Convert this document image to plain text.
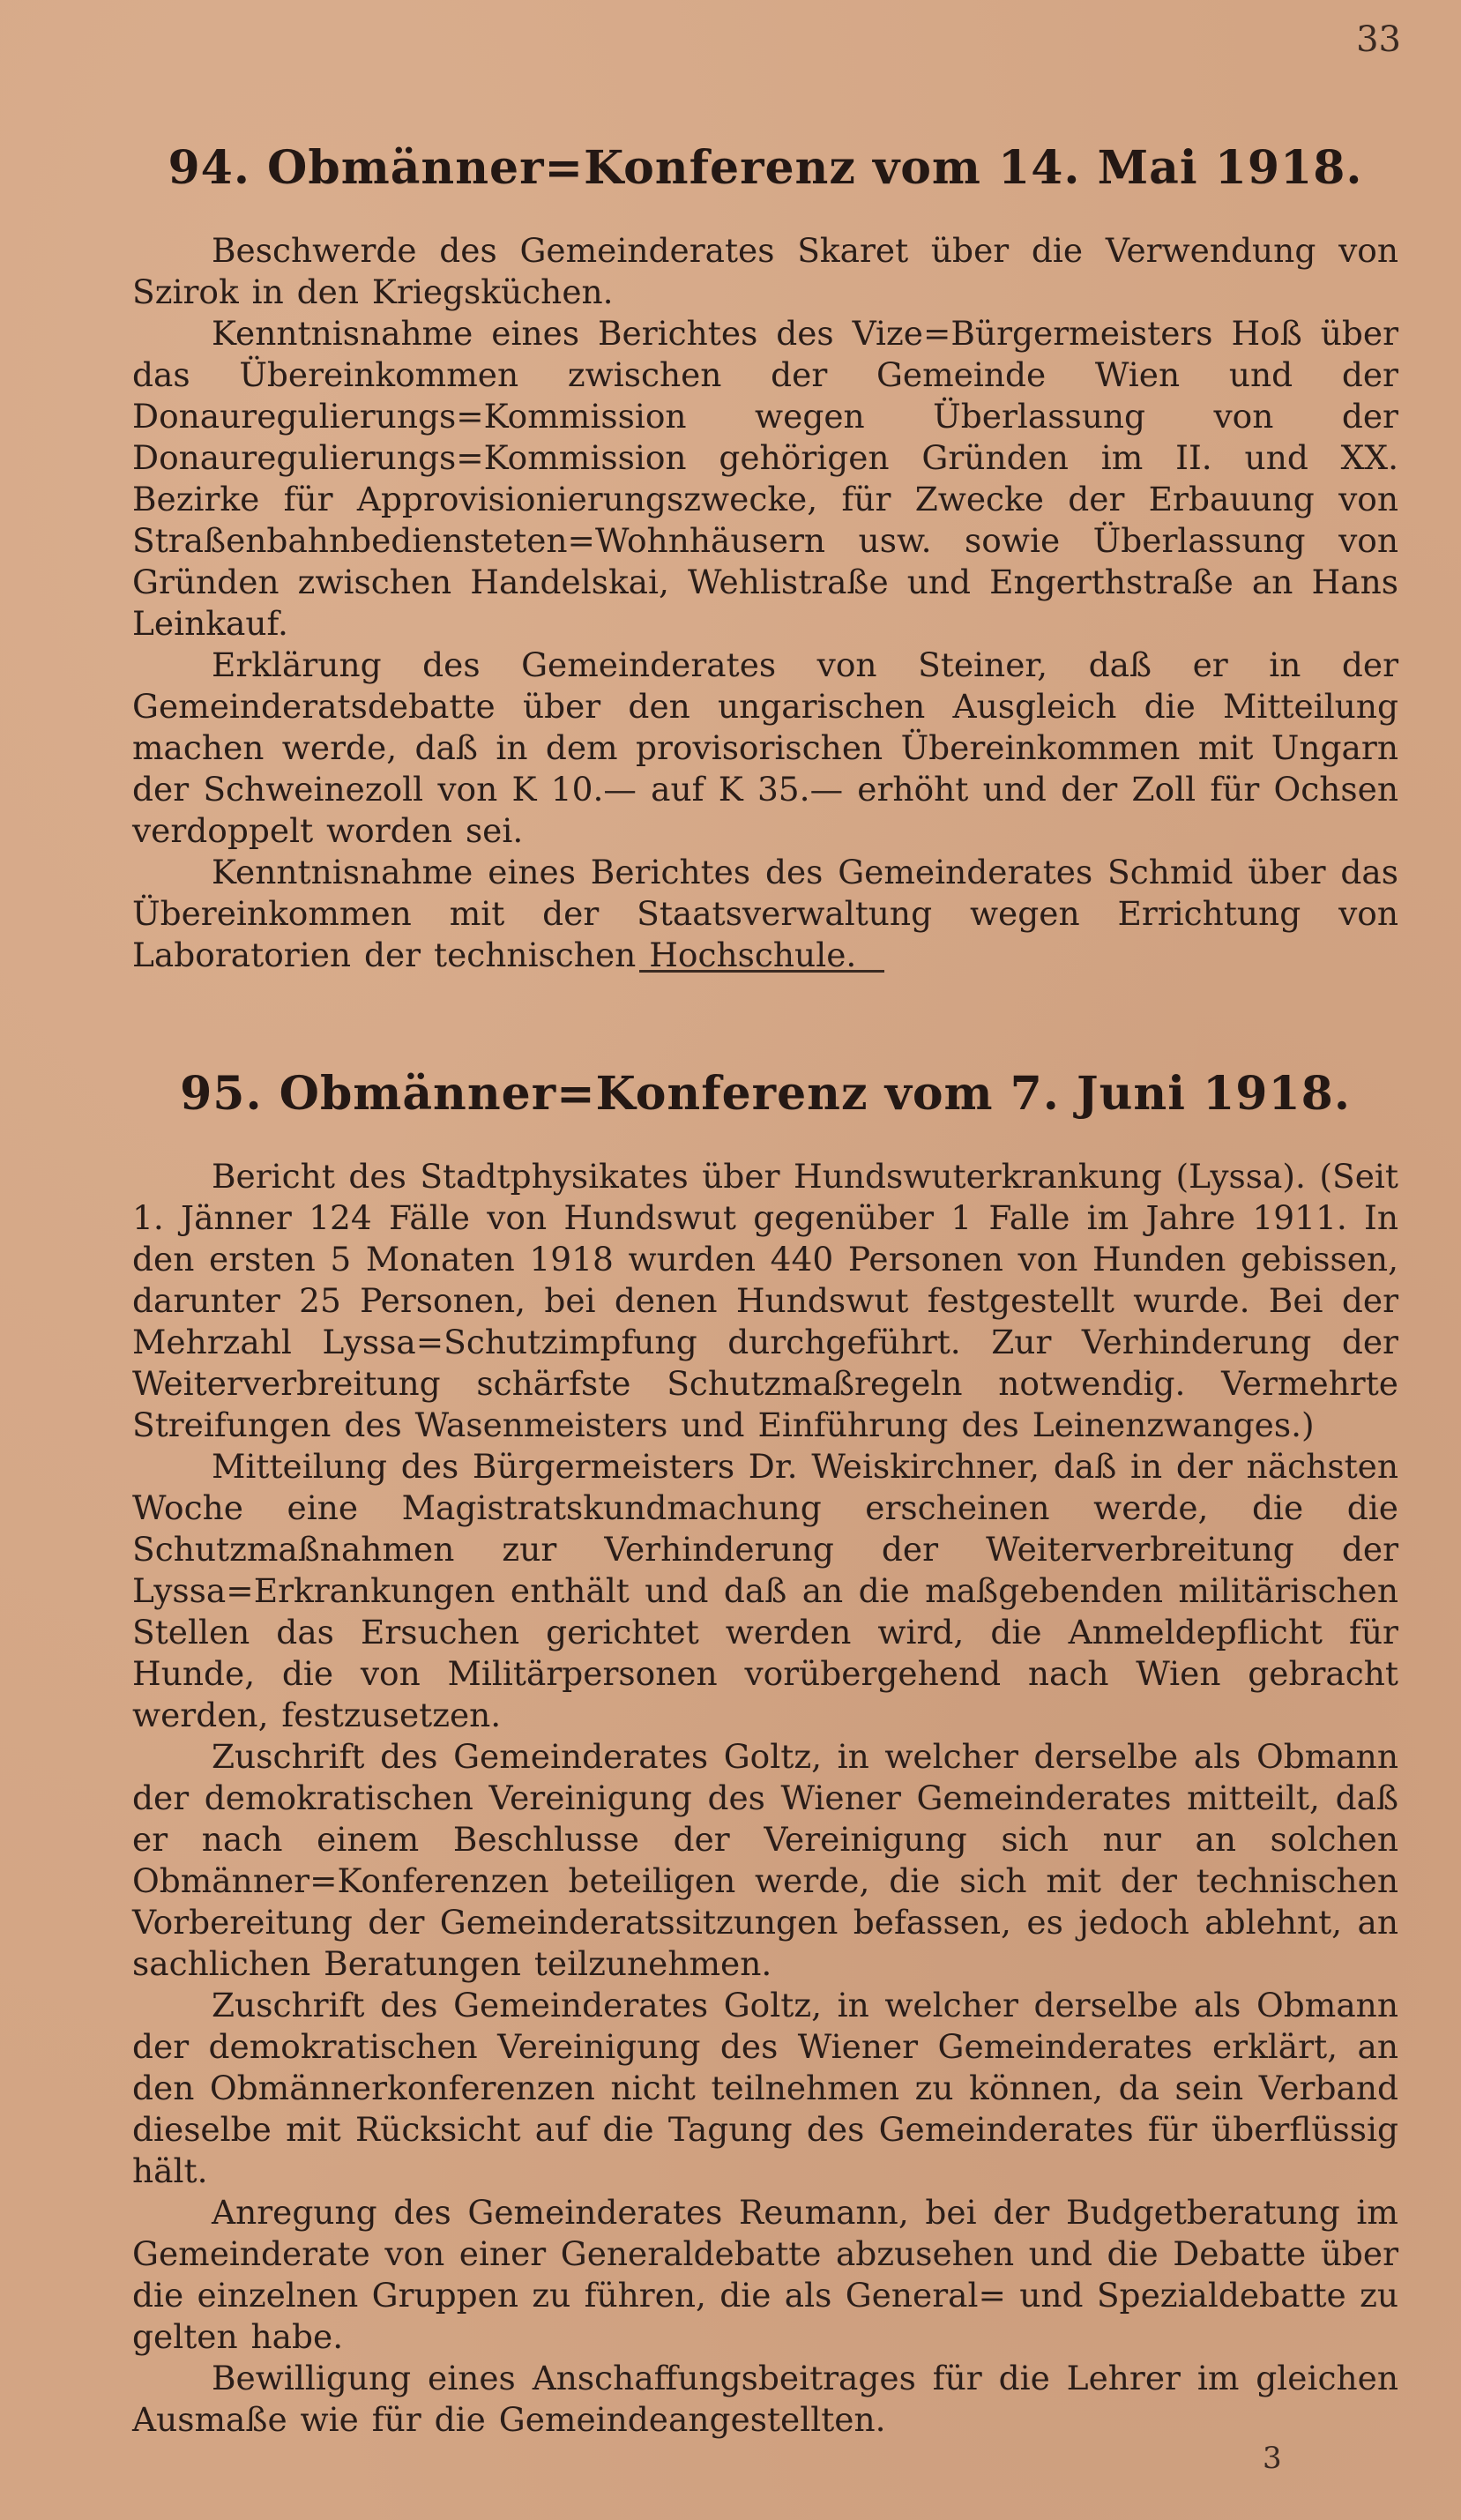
33
94. Obmänner=Konferenz vom 14. Mai 1918.

Beschwerde des Gemeinderates Skaret über die Verwendung von Szirok in den Kriegsküchen.

Kenntnisnahme eines Berichtes des Vize=Bürgermeisters Hoß über das Übereinkommen zwischen der Gemeinde Wien und der Donauregulierungs=Kommission wegen Überlassung von der Donauregulierungs=Kommission gehörigen Gründen im II. und XX. Bezirke für Approvisionierungszwecke, für Zwecke der Erbauung von Straßenbahnbediensteten=Wohnhäusern usw. sowie Überlassung von Gründen zwischen Handelskai, Wehlistraße und Engerthstraße an Hans Leinkauf.

Erklärung des Gemeinderates von Steiner, daß er in der Gemeinderatsdebatte über den ungarischen Ausgleich die Mitteilung machen werde, daß in dem provisorischen Übereinkommen mit Ungarn der Schweinezoll von K 10.— auf K 35.— erhöht und der Zoll für Ochsen verdoppelt worden sei.

Kenntnisnahme eines Berichtes des Gemeinderates Schmid über das Übereinkommen mit der Staatsverwaltung wegen Errichtung von Laboratorien der technischen Hochschule.

95. Obmänner=Konferenz vom 7. Juni 1918.

Bericht des Stadtphysikates über Hundswuterkrankung (Lyssa). (Seit 1. Jänner 124 Fälle von Hundswut gegenüber 1 Falle im Jahre 1911. In den ersten 5 Monaten 1918 wurden 440 Personen von Hunden gebissen, darunter 25 Personen, bei denen Hundswut festgestellt wurde. Bei der Mehrzahl Lyssa=Schutzimpfung durchgeführt. Zur Verhinderung der Weiterverbreitung schärfste Schutzmaßregeln notwendig. Vermehrte Streifungen des Wasenmeisters und Einführung des Leinenzwanges.)

Mitteilung des Bürgermeisters Dr. Weiskirchner, daß in der nächsten Woche eine Magistratskundmachung erscheinen werde, die die Schutzmaßnahmen zur Verhinderung der Weiterverbreitung der Lyssa=Erkrankungen enthält und daß an die maßgebenden militärischen Stellen das Ersuchen gerichtet werden wird, die Anmeldepflicht für Hunde, die von Militärpersonen vorübergehend nach Wien gebracht werden, festzusetzen.

Zuschrift des Gemeinderates Goltz, in welcher derselbe als Obmann der demokratischen Vereinigung des Wiener Gemeinderates mitteilt, daß er nach einem Beschlusse der Vereinigung sich nur an solchen Obmänner=Konferenzen beteiligen werde, die sich mit der technischen Vorbereitung der Gemeinderatssitzungen befassen, es jedoch ablehnt, an sachlichen Beratungen teilzunehmen.

Zuschrift des Gemeinderates Goltz, in welcher derselbe als Obmann der demokratischen Vereinigung des Wiener Gemeinderates erklärt, an den Obmännerkonferenzen nicht teilnehmen zu können, da sein Verband dieselbe mit Rücksicht auf die Tagung des Gemeinderates für überflüssig hält.

Anregung des Gemeinderates Reumann, bei der Budgetberatung im Gemeinderate von einer Generaldebatte abzusehen und die Debatte über die einzelnen Gruppen zu führen, die als General= und Spezialdebatte zu gelten habe.

Bewilligung eines Anschaffungsbeitrages für die Lehrer im gleichen Ausmaße wie für die Gemeindeangestellten.

3
